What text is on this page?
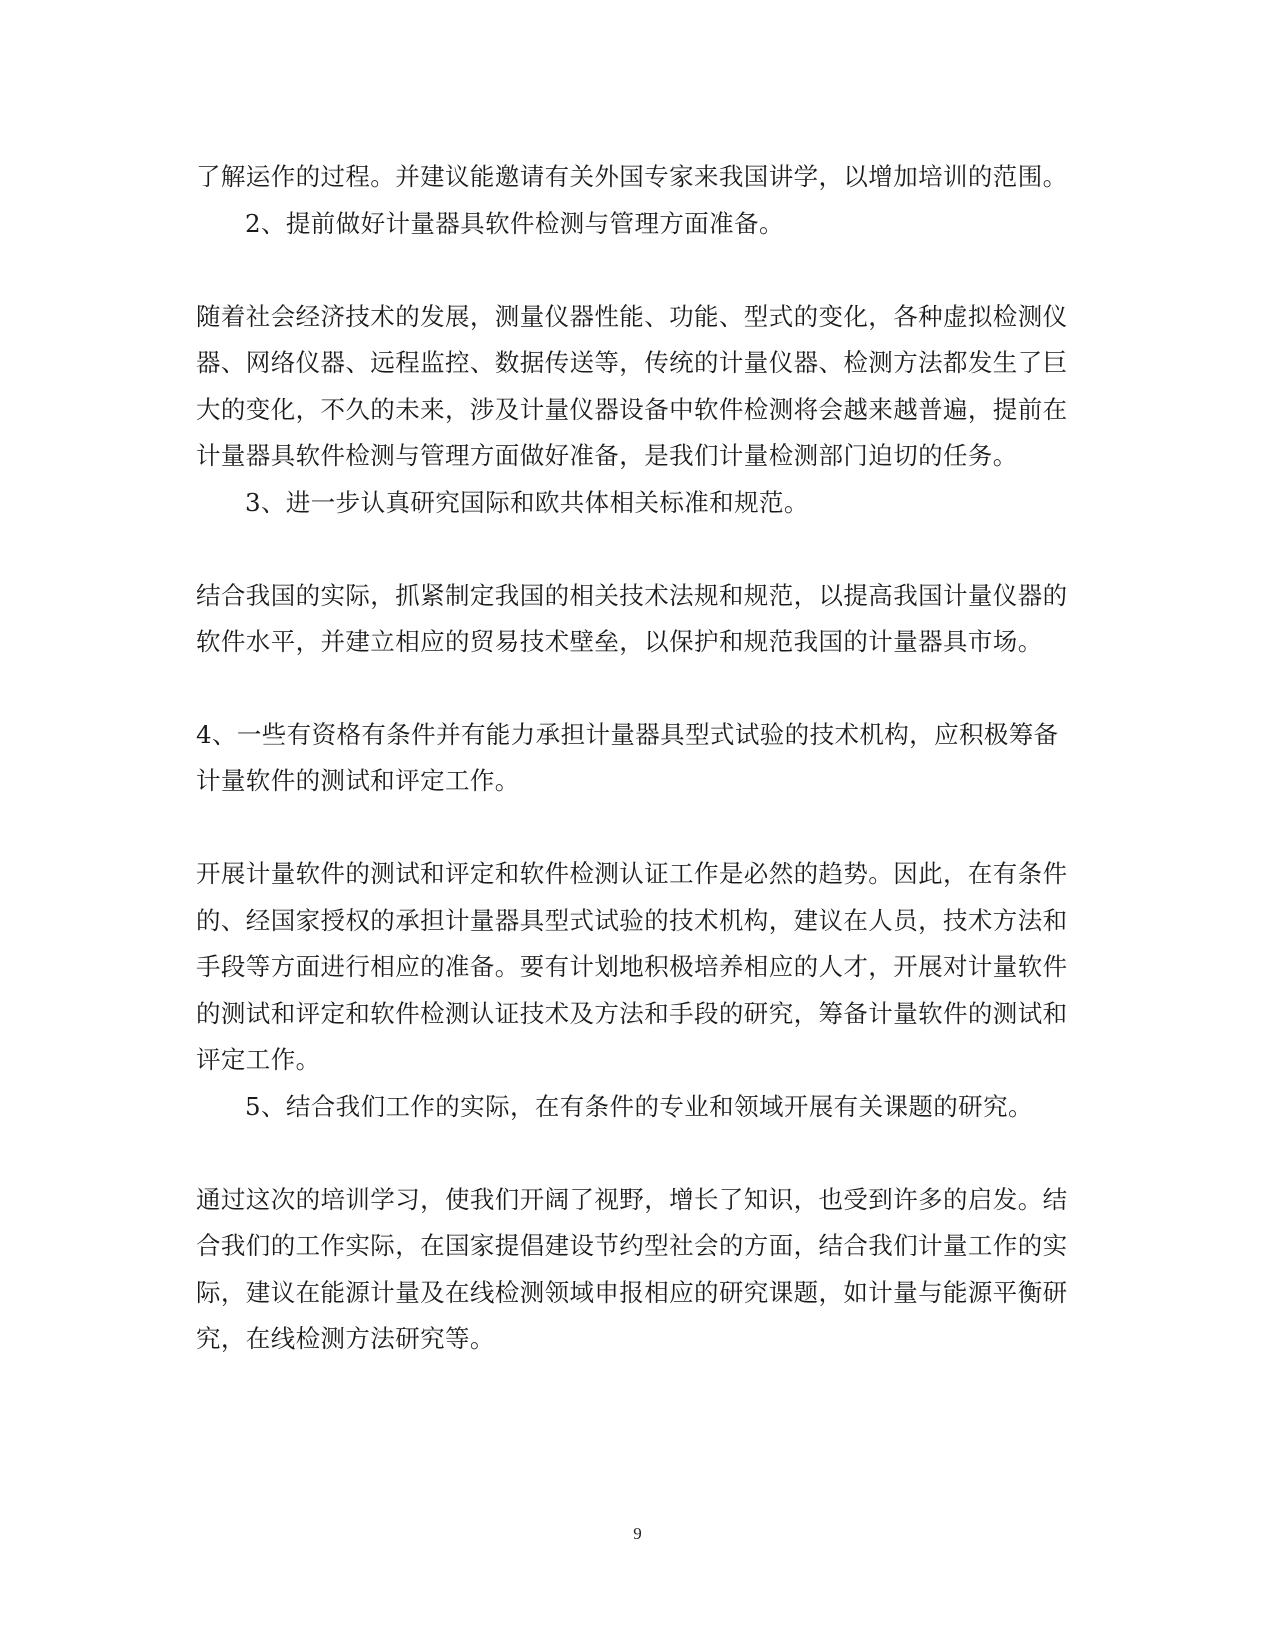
了解运作的过程。并建议能邀请有关外国专家来我国讲学，以增加培训的范围。
2、提前做好计量器具软件检测与管理方面准备。
随着社会经济技术的发展，测量仪器性能、功能、型式的变化，各种虚拟检测仪
器、网络仪器、远程监控、数据传送等，传统的计量仪器、检测方法都发生了巨
大的变化，不久的未来，涉及计量仪器设备中软件检测将会越来越普遍，提前在
计量器具软件检测与管理方面做好准备，是我们计量检测部门迫切的任务。
3、进一步认真研究国际和欧共体相关标准和规范。
结合我国的实际，抓紧制定我国的相关技术法规和规范，以提高我国计量仪器的
软件水平，并建立相应的贸易技术壁垒，以保护和规范我国的计量器具市场。
4、一些有资格有条件并有能力承担计量器具型式试验的技术机构，应积极筹备
计量软件的测试和评定工作。
开展计量软件的测试和评定和软件检测认证工作是必然的趋势。因此，在有条件
的、经国家授权的承担计量器具型式试验的技术机构，建议在人员，技术方法和
手段等方面进行相应的准备。要有计划地积极培养相应的人才，开展对计量软件
的测试和评定和软件检测认证技术及方法和手段的研究，筹备计量软件的测试和
评定工作。
5、结合我们工作的实际，在有条件的专业和领域开展有关课题的研究。
通过这次的培训学习，使我们开阔了视野，增长了知识，也受到许多的启发。结
合我们的工作实际，在国家提倡建设节约型社会的方面，结合我们计量工作的实
际，建议在能源计量及在线检测领域申报相应的研究课题，如计量与能源平衡研
究，在线检测方法研究等。
9
